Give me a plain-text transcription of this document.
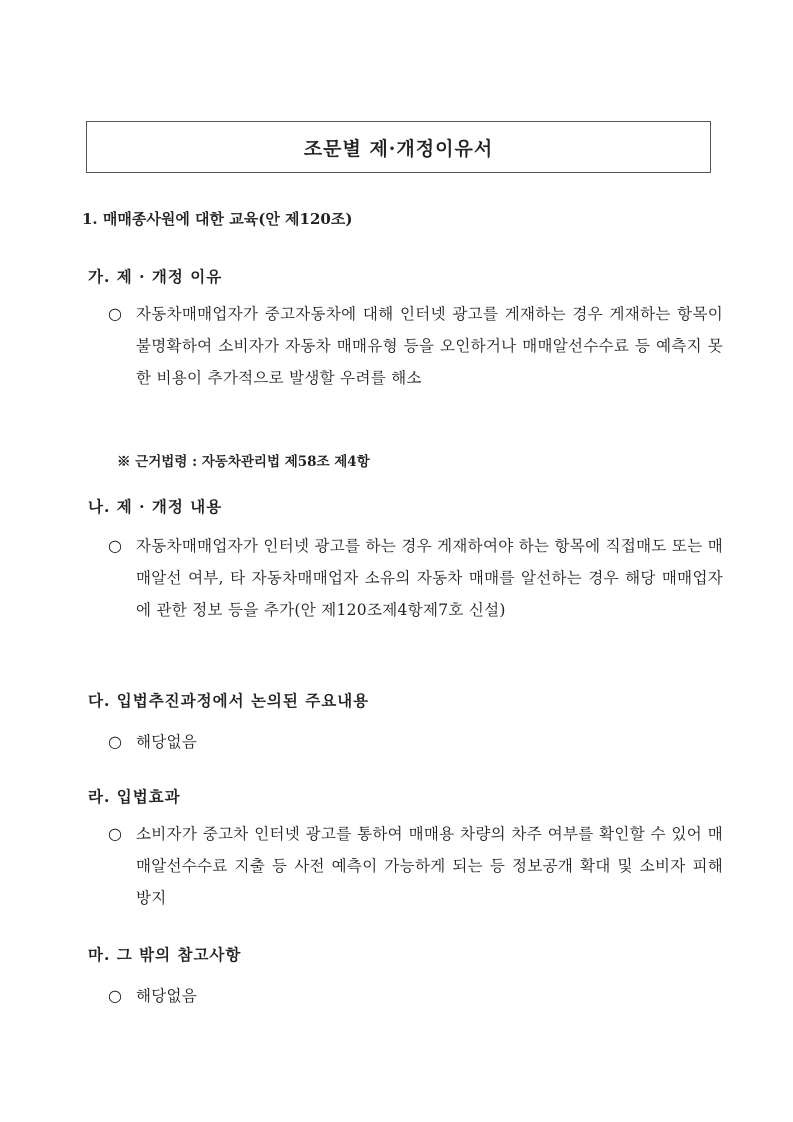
조문별 제·개정이유서
1. 매매종사원에 대한 교육(안 제120조)
가. 제 · 개정 이유
○ 자동차매매업자가 중고자동차에 대해 인터넷 광고를 게재하는 경우 게재하는 항목이 불명확하여 소비자가 자동차 매매유형 등을 오인하거나 매매알선수수료 등 예측지 못한 비용이 추가적으로 발생할 우려를 해소
※ 근거법령 : 자동차관리법 제58조 제4항
나. 제 · 개정 내용
○ 자동차매매업자가 인터넷 광고를 하는 경우 게재하여야 하는 항목에 직접매도 또는 매매알선 여부, 타 자동차매매업자 소유의 자동차 매매를 알선하는 경우 해당 매매업자에 관한 정보 등을 추가(안 제120조제4항제7호 신설)
다. 입법추진과정에서 논의된 주요내용
○ 해당없음
라. 입법효과
○ 소비자가 중고차 인터넷 광고를 통하여 매매용 차량의 차주 여부를 확인할 수 있어 매매알선수수료 지출 등 사전 예측이 가능하게 되는 등 정보공개 확대 및 소비자 피해 방지
마. 그 밖의 참고사항
○ 해당없음
